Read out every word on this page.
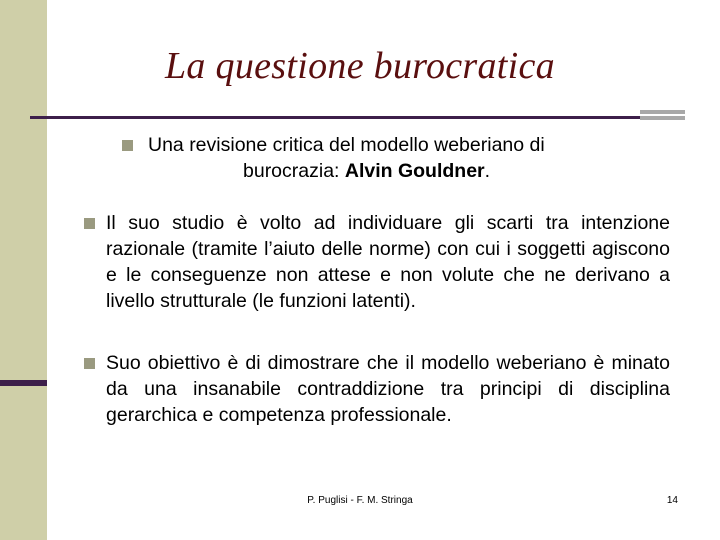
La questione burocratica
Una revisione critica del modello weberiano di
burocrazia: Alvin Gouldner.

Il suo studio è volto ad individuare gli scarti tra intenzione razionale (tramite l’aiuto delle norme) con cui i soggetti agiscono e le conseguenze non attese e non volute che ne derivano a livello strutturale (le funzioni latenti).

Suo obiettivo è di dimostrare che il modello weberiano è minato da una insanabile contraddizione tra principi di disciplina gerarchica e competenza professionale.

P. Puglisi - F. M. Stringa	14
